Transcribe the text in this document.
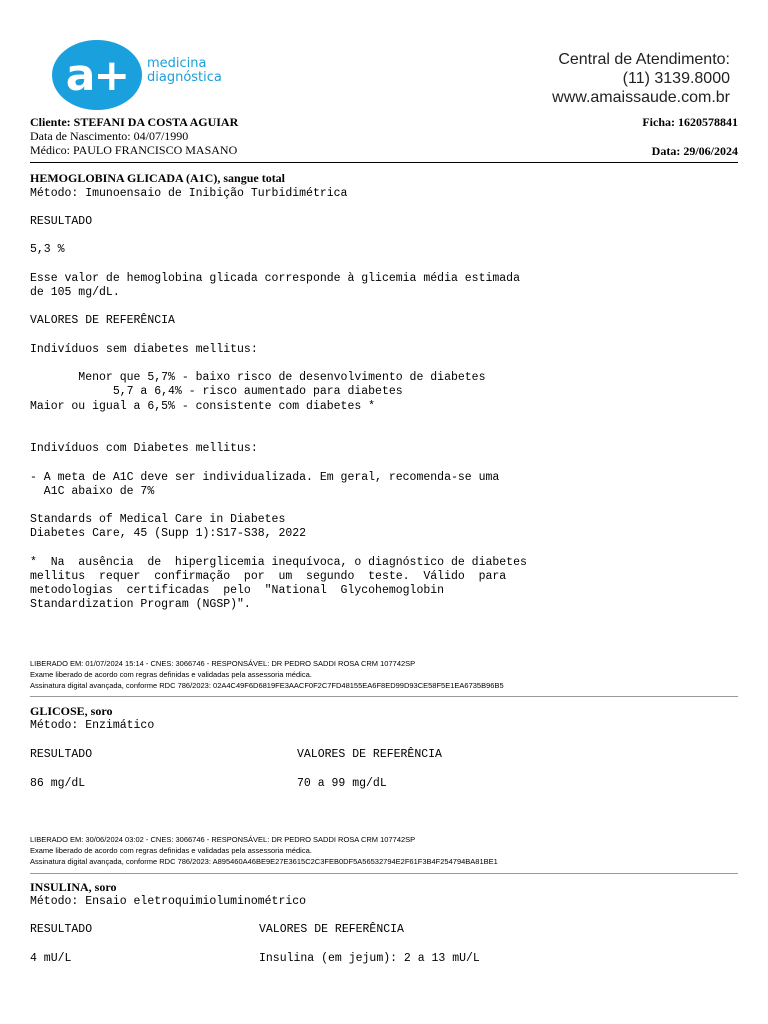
a+	medicina
diagnóstica
Central de Atendimento:
(11) 3139.8000
www.amaissaude.com.br
Cliente: STEFANI DA COSTA AGUIAR
Data de Nascimento: 04/07/1990
Médico: PAULO FRANCISCO MASANO
Ficha: 1620578841
Data: 29/06/2024
HEMOGLOBINA GLICADA (A1C), sangue total
Método: Imunoensaio de Inibição Turbidimétrica
RESULTADO

5,3 %

Esse valor de hemoglobina glicada corresponde à glicemia média estimada
de 105 mg/dL.

VALORES DE REFERÊNCIA

Indivíduos sem diabetes mellitus:

Menor que 5,7% - baixo risco de desenvolvimento de diabetes
5,7 a 6,4% - risco aumentado para diabetes
Maior ou igual a 6,5% - consistente com diabetes *

Indivíduos com Diabetes mellitus:

- A meta de A1C deve ser individualizada. Em geral, recomenda-se uma
A1C abaixo de 7%

Standards of Medical Care in Diabetes
Diabetes Care, 45 (Supp 1):S17-S38, 2022

*  Na  ausência  de  hiperglicemia inequívoca, o diagnóstico de diabetes
mellitus  requer  confirmação  por  um  segundo  teste.  Válido  para
metodologias  certificadas  pelo  "National  Glycohemoglobin
Standardization Program (NGSP)".
LIBERADO EM: 01/07/2024 15:14 - CNES: 3066746 - RESPONSÁVEL: DR PEDRO SADDI ROSA CRM 107742SP
Exame liberado de acordo com regras definidas e validadas pela assessoria médica.
Assinatura digital avançada, conforme RDC 786/2023: 02A4C49F6D6819FE3AACF0F2C7FD48155EA6F8ED99D93CE58F5E1EA6735B96B5
GLICOSE, soro
Método: Enzimático
RESULTADO	VALORES DE REFERÊNCIA
86 mg/dL	70 a 99 mg/dL
LIBERADO EM: 30/06/2024 03:02 - CNES: 3066746 - RESPONSÁVEL: DR PEDRO SADDI ROSA CRM 107742SP
Exame liberado de acordo com regras definidas e validadas pela assessoria médica.
Assinatura digital avançada, conforme RDC 786/2023: A895460A46BE9E27E3615C2C3FEB0DF5A56532794E2F61F3B4F254794BA81BE1
INSULINA, soro
Método: Ensaio eletroquimioluminométrico
RESULTADO	VALORES DE REFERÊNCIA
4 mU/L	Insulina (em jejum): 2 a 13 mU/L
